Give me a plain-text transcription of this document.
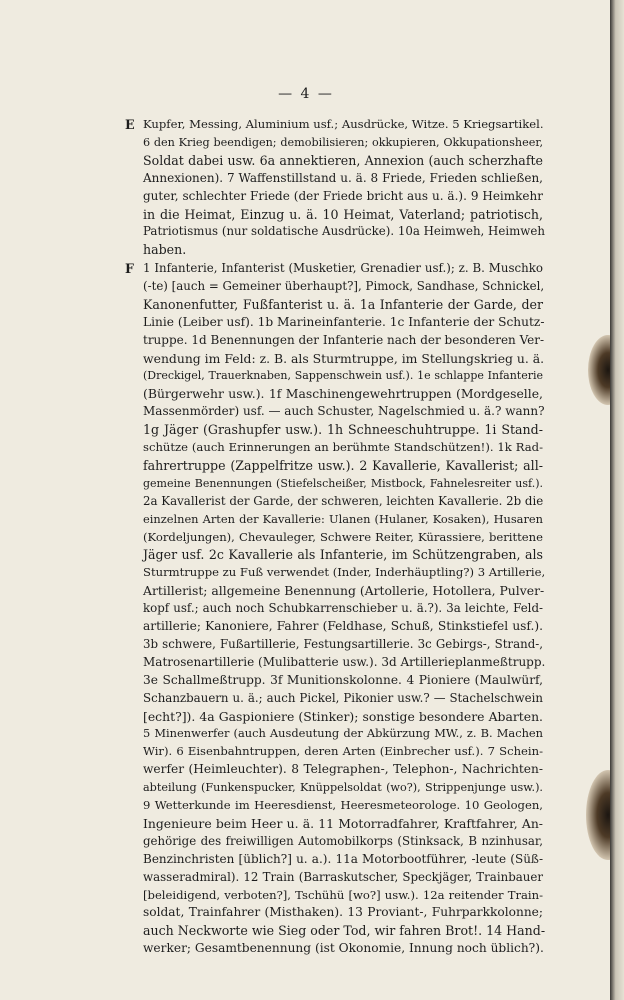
— 4 —
E Kupfer, Messing, Aluminium usf.; Ausdrücke, Witze. 5 Kriegsartikel.
6 den Krieg beendigen; demobilisieren; okkupieren, Okkupationsheer,
Soldat dabei usw. 6a annektieren, Annexion (auch scherzhafte
Annexionen). 7 Waffenstillstand u. ä. 8 Friede, Frieden schließen,
guter, schlechter Friede (der Friede bricht aus u. ä.). 9 Heimkehr
in die Heimat, Einzug u. ä. 10 Heimat, Vaterland; patriotisch,
Patriotismus (nur soldatische Ausdrücke). 10a Heimweh, Heimweh
haben.
F 1 Infanterie, Infanterist (Musketier, Grenadier usf.); z. B. Muschko
(-te) [auch = Gemeiner überhaupt?], Pimock, Sandhase, Schnickel,
Kanonenfutter, Fußfanterist u. ä. 1a Infanterie der Garde, der
Linie (Leiber usf). 1b Marineinfanterie. 1c Infanterie der Schutz-
truppe. 1d Benennungen der Infanterie nach der besonderen Ver-
wendung im Feld: z. B. als Sturmtruppe, im Stellungskrieg u. ä.
(Dreckigel, Trauerknaben, Sappenschwein usf.). 1e schlappe Infanterie
(Bürgerwehr usw.). 1f Maschinengewehrtruppen (Mordgeselle,
Massenmörder) usf. — auch Schuster, Nagelschmied u. ä.? wann?
1g Jäger (Grashupfer usw.). 1h Schneeschuhtruppe. 1i Stand-
schütze (auch Erinnerungen an berühmte Standschützen!). 1k Rad-
fahrertruppe (Zappelfritze usw.). 2 Kavallerie, Kavallerist; all-
gemeine Benennungen (Stiefelscheißer, Mistbock, Fahnelesreiter usf.).
2a Kavallerist der Garde, der schweren, leichten Kavallerie. 2b die
einzelnen Arten der Kavallerie: Ulanen (Hulaner, Kosaken), Husaren
(Kordeljungen), Chevauleger, Schwere Reiter, Kürassiere, berittene
Jäger usf. 2c Kavallerie als Infanterie, im Schützengraben, als
Sturmtruppe zu Fuß verwendet (Inder, Inderhäuptling?) 3 Artillerie,
Artillerist; allgemeine Benennung (Artollerie, Hotollera, Pulver-
kopf usf.; auch noch Schubkarrenschieber u. ä.?). 3a leichte, Feld-
artillerie; Kanoniere, Fahrer (Feldhase, Schuß, Stinkstiefel usf.).
3b schwere, Fußartillerie, Festungsartillerie. 3c Gebirgs-, Strand-,
Matrosenartillerie (Mulibatterie usw.). 3d Artillerieplanmeßtrupp.
3e Schallmeßtrupp. 3f Munitionskolonne. 4 Pioniere (Maulwürf,
Schanzbauern u. ä.; auch Pickel, Pikonier usw.? — Stachelschwein
[echt?]). 4a Gaspioniere (Stinker); sonstige besondere Abarten.
5 Minenwerfer (auch Ausdeutung der Abkürzung MW., z. B. Machen
Wir). 6 Eisenbahntruppen, deren Arten (Einbrecher usf.). 7 Schein-
werfer (Heimleuchter). 8 Telegraphen-, Telephon-, Nachrichten-
abteilung (Funkenspucker, Knüppelsoldat (wo?), Strippenjunge usw.).
9 Wetterkunde im Heeresdienst, Heeresmeteorologe. 10 Geologen,
Ingenieure beim Heer u. ä. 11 Motorradfahrer, Kraftfahrer, An-
gehörige des freiwilligen Automobilkorps (Stinksack, B nzinhusar,
Benzinchristen [üblich?] u. a.). 11a Motorbootführer, -leute (Süß-
wasseradmiral). 12 Train (Barraskutscher, Speckjäger, Trainbauer
[beleidigend, verboten?], Tschühü [wo?] usw.). 12a reitender Train-
soldat, Trainfahrer (Misthaken). 13 Proviant-, Fuhrparkkolonne;
auch Neckworte wie Sieg oder Tod, wir fahren Brot!. 14 Hand-
werker; Gesamtbenennung (ist Okonomie, Innung noch üblich?).
